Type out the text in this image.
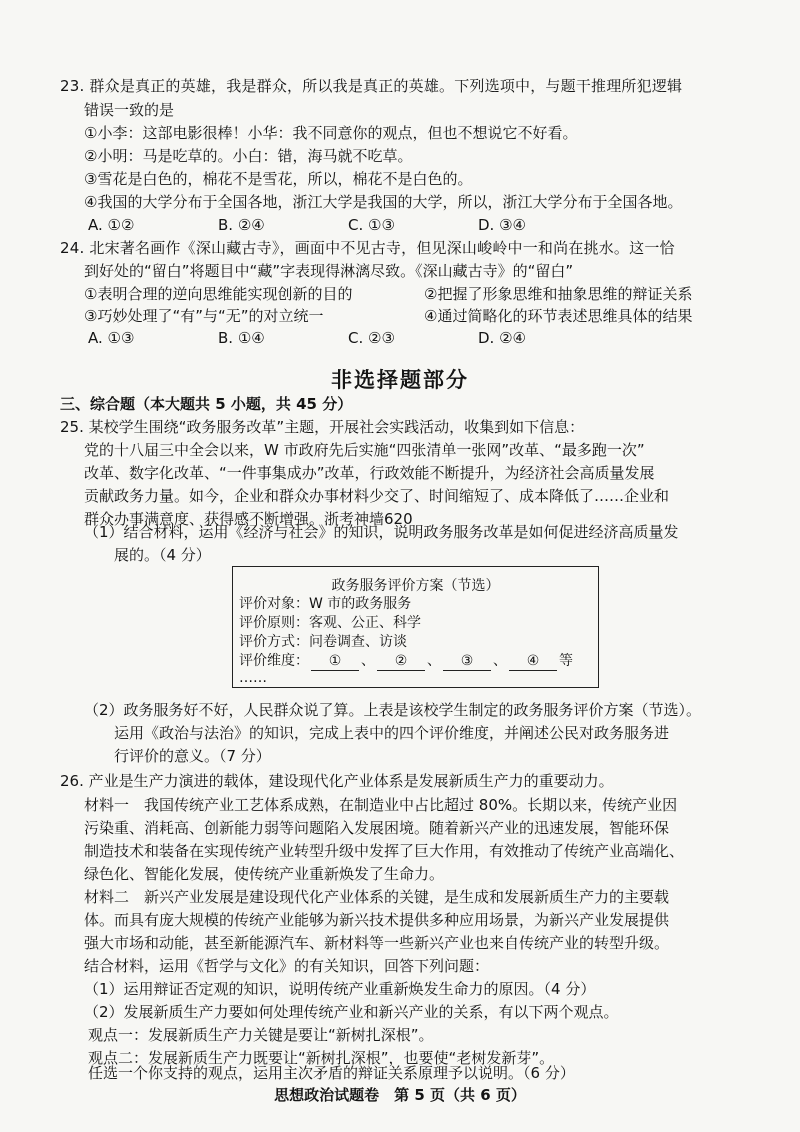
23. 群众是真正的英雄，我是群众，所以我是真正的英雄。下列选项中，与题干推理所犯逻辑
错误一致的是
①小李：这部电影很棒！小华：我不同意你的观点，但也不想说它不好看。
②小明：马是吃草的。小白：错，海马就不吃草。
③雪花是白色的，棉花不是雪花，所以，棉花不是白色的。
④我国的大学分布于全国各地，浙江大学是我国的大学，所以，浙江大学分布于全国各地。
A. ①②	B. ②④	C. ①③	D. ③④
24. 北宋著名画作《深山藏古寺》，画面中不见古寺，但见深山峻岭中一和尚在挑水。这一恰
到好处的“留白”将题目中“藏”字表现得淋漓尽致。《深山藏古寺》的“留白”
①表明合理的逆向思维能实现创新的目的	②把握了形象思维和抽象思维的辩证关系
③巧妙处理了“有”与“无”的对立统一	④通过简略化的环节表述思维具体的结果
A. ①③	B. ①④	C. ②③	D. ②④
非选择题部分
三、综合题（本大题共 5 小题，共 45 分）
25. 某校学生围绕“政务服务改革”主题，开展社会实践活动，收集到如下信息：
党的十八届三中全会以来，W 市政府先后实施“四张清单一张网”改革、“最多跑一次”
改革、数字化改革、“一件事集成办”改革，行政效能不断提升，为经济社会高质量发展
贡献政务力量。如今，企业和群众办事材料少交了、时间缩短了、成本降低了……企业和
群众办事满意度、获得感不断增强。浙考神墙620
（1）结合材料，运用《经济与社会》的知识，说明政务服务改革是如何促进经济高质量发
展的。（4 分）
政务服务评价方案（节选）
评价对象：W 市的政务服务
评价原则：客观、公正、科学
评价方式：问卷调查、访谈
评价维度： ① 、 ② 、 ③ 、 ④ 等
……
（2）政务服务好不好，人民群众说了算。上表是该校学生制定的政务服务评价方案（节选）。
运用《政治与法治》的知识，完成上表中的四个评价维度，并阐述公民对政务服务进
行评价的意义。（7 分）
26. 产业是生产力演进的载体，建设现代化产业体系是发展新质生产力的重要动力。
材料一　我国传统产业工艺体系成熟，在制造业中占比超过 80%。长期以来，传统产业因
污染重、消耗高、创新能力弱等问题陷入发展困境。随着新兴产业的迅速发展，智能环保
制造技术和装备在实现传统产业转型升级中发挥了巨大作用，有效推动了传统产业高端化、
绿色化、智能化发展，使传统产业重新焕发了生命力。
材料二　新兴产业发展是建设现代化产业体系的关键，是生成和发展新质生产力的主要载
体。而具有庞大规模的传统产业能够为新兴技术提供多种应用场景，为新兴产业发展提供
强大市场和动能，甚至新能源汽车、新材料等一些新兴产业也来自传统产业的转型升级。
结合材料，运用《哲学与文化》的有关知识，回答下列问题：
（1）运用辩证否定观的知识，说明传统产业重新焕发生命力的原因。（4 分）
（2）发展新质生产力要如何处理传统产业和新兴产业的关系，有以下两个观点。
观点一：发展新质生产力关键是要让“新树扎深根”。
观点二：发展新质生产力既要让“新树扎深根”，也要使“老树发新芽”。
任选一个你支持的观点，运用主次矛盾的辩证关系原理予以说明。（6 分）
思想政治试题卷　第 5 页（共 6 页）
